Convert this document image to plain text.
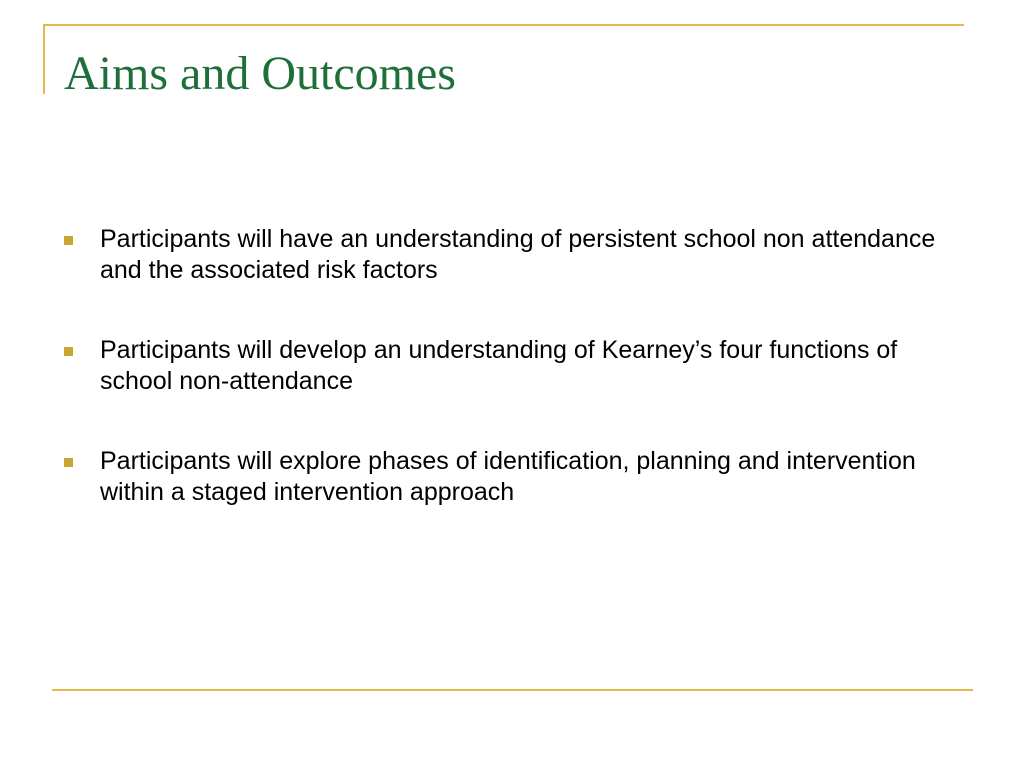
Aims and Outcomes
Participants will have an understanding of persistent school non attendance and the associated risk factors
Participants will develop an understanding of Kearney’s four functions of school non-attendance
Participants will explore phases of identification, planning and intervention within a staged intervention approach
